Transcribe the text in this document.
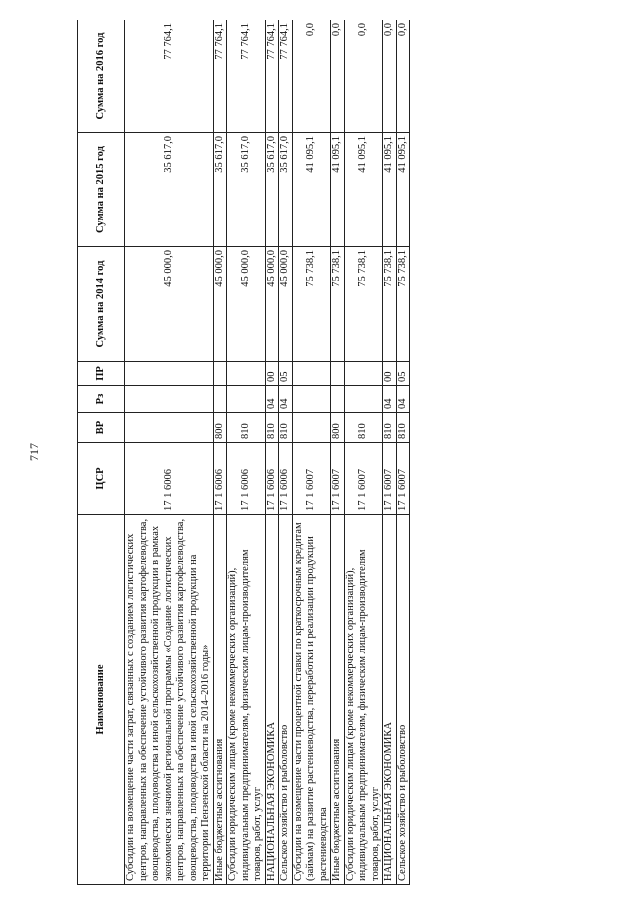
717
Наименование	ЦСР	ВР	Рз	ПР	Сумма на 2014 год	Сумма на 2015 год	Сумма на 2016 год
Субсидии на возмещение части затрат, связанных с созданием логистических центров, направленных на обеспечение устойчивого развития картофелеводства, овощеводства, плодоводства и иной сельскохозяйственной продукции в рамках экономически значимой региональной программы «Создание логистических центров, направленных на обеспечение устойчивого развития картофелеводства, овощеводства, плодоводства и иной сельскохозяйственной продукции на территории Пензенской области на 2014–2016 годы»	17 1 6006				45 000,0	35 617,0	77 764,1
Иные бюджетные ассигнования	17 1 6006	800			45 000,0	35 617,0	77 764,1
Субсидии юридическим лицам (кроме некоммерческих организаций), индивидуальным предпринимателям, физическим лицам-производителям товаров, работ, услуг	17 1 6006	810			45 000,0	35 617,0	77 764,1
НАЦИОНАЛЬНАЯ ЭКОНОМИКА	17 1 6006	810	04	00	45 000,0	35 617,0	77 764,1
Сельское хозяйство и рыболовство	17 1 6006	810	04	05	45 000,0	35 617,0	77 764,1
Субсидии на возмещение части процентной ставки по краткосрочным кредитам (займам) на развитие растениеводства, переработки и реализации продукции растениеводства	17 1 6007				75 738,1	41 095,1	0,0
Иные бюджетные ассигнования	17 1 6007	800			75 738,1	41 095,1	0,0
Субсидии юридическим лицам (кроме некоммерческих организаций), индивидуальным предпринимателям, физическим лицам-производителям товаров, работ, услуг	17 1 6007	810			75 738,1	41 095,1	0,0
НАЦИОНАЛЬНАЯ ЭКОНОМИКА	17 1 6007	810	04	00	75 738,1	41 095,1	0,0
Сельское хозяйство и рыболовство	17 1 6007	810	04	05	75 738,1	41 095,1	0,0
